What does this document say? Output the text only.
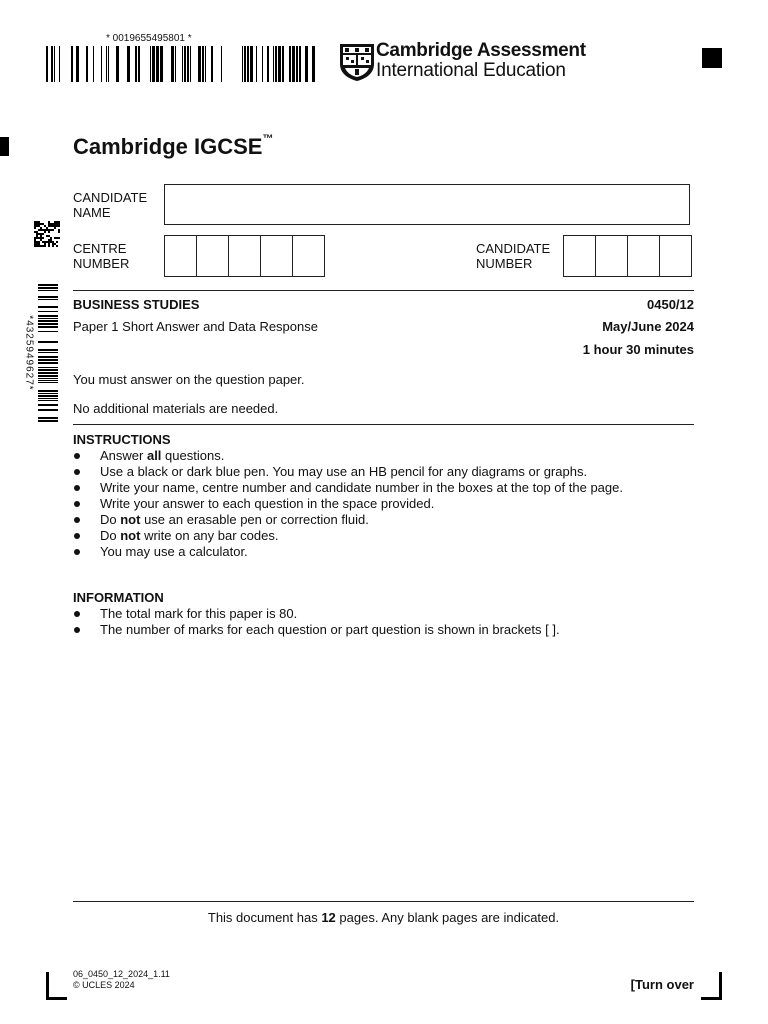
* 0019655495801 *
Cambridge Assessment
International Education
*4325949627*
Cambridge IGCSE™
CANDIDATE
NAME
CENTRE
NUMBER
CANDIDATE
NUMBER
BUSINESS STUDIES	0450/12
Paper 1 Short Answer and Data Response	May/June 2024
1 hour 30 minutes
You must answer on the question paper.
No additional materials are needed.
INSTRUCTIONS
Answer all questions.
Use a black or dark blue pen. You may use an HB pencil for any diagrams or graphs.
Write your name, centre number and candidate number in the boxes at the top of the page.
Write your answer to each question in the space provided.
Do not use an erasable pen or correction fluid.
Do not write on any bar codes.
You may use a calculator.
INFORMATION
The total mark for this paper is 80.
The number of marks for each question or part question is shown in brackets [ ].
This document has 12 pages. Any blank pages are indicated.
06_0450_12_2024_1.11
© UCLES 2024	[Turn over
